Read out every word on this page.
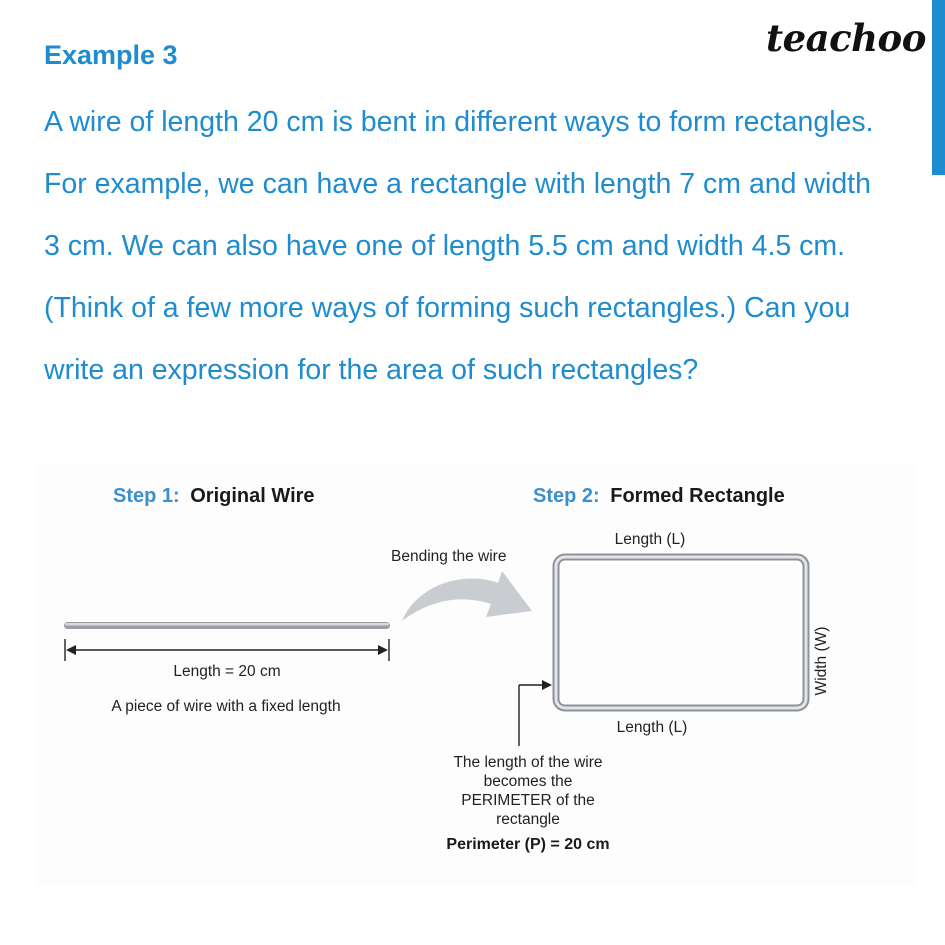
Example 3	teachoo
A wire of length 20 cm is bent in different ways to form rectangles.
For example, we can have a rectangle with length 7 cm and width
3 cm. We can also have one of length 5.5 cm and width 4.5 cm.
(Think of a few more ways of forming such rectangles.) Can you
write an expression for the area of such rectangles?
Step 1: Original Wire	Step 2: Formed Rectangle
Length = 20 cm
A piece of wire with a fixed length
Bending the wire
Length (L)
Length (L)
Width (W)
The length of the wire
becomes the
PERIMETER of the
rectangle
Perimeter (P) = 20 cm
